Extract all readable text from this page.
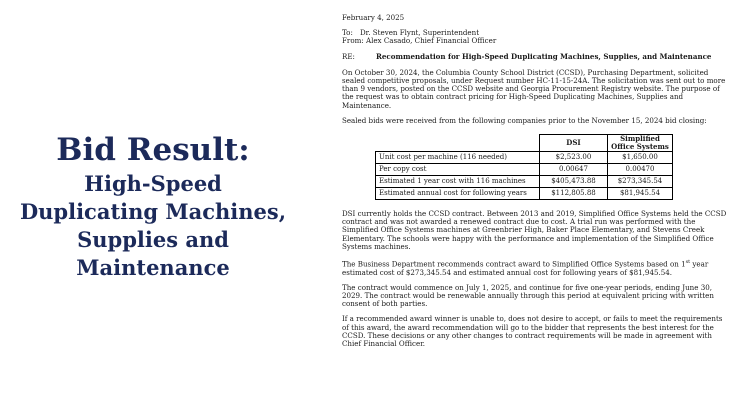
Bid Result:
High-Speed
Duplicating Machines,
Supplies and
Maintenance

February 4, 2025

To:	Dr. Steven Flynt, Superintendent
From:
Alex Casado, Chief Financial Officer
RE:	Recommendation for High-Speed Duplicating Machines, Supplies, and Maintenance

On October 30, 2024, the Columbia County School District (CCSD), Purchasing Department, solicited sealed competitive proposals, under Request number HC-11-15-24A. The solicitation was sent out to more than 9 vendors, posted on the CCSD website and Georgia Procurement Registry website. The purpose of the request was to obtain contract pricing for High-Speed Duplicating Machines, Supplies and Maintenance.

Sealed bids were received from the following companies prior to the November 15, 2024 bid closing:

	DSI	Simplified Office Systems
Unit cost per machine (116 needed)	$2,523.00	$1,650.00
Per copy cost	0.00647	0.00470
Estimated 1 year cost with 116 machines	$405,473.88	$273,345.54
Estimated annual cost for following years	$112,805.88	$81,945.54

DSI currently holds the CCSD contract. Between 2013 and 2019, Simplified Office Systems held the CCSD contract and was not awarded a renewed contract due to cost. A trial run was performed with the Simplified Office Systems machines at Greenbrier High, Baker Place Elementary, and Stevens Creek Elementary. The schools were happy with the performance and implementation of the Simplified Office Systems machines.

The Business Department recommends contract award to Simplified Office Systems based on 1st year estimated cost of $273,345.54 and estimated annual cost for following years of $81,945.54.

The contract would commence on July 1, 2025, and continue for five one-year periods, ending June 30, 2029. The contract would be renewable annually through this period at equivalent pricing with written consent of both parties.

If a recommended award winner is unable to, does not desire to accept, or fails to meet the requirements of this award, the award recommendation will go to the bidder that represents the best interest for the CCSD. These decisions or any other changes to contract requirements will be made in agreement with Chief Financial Officer.
